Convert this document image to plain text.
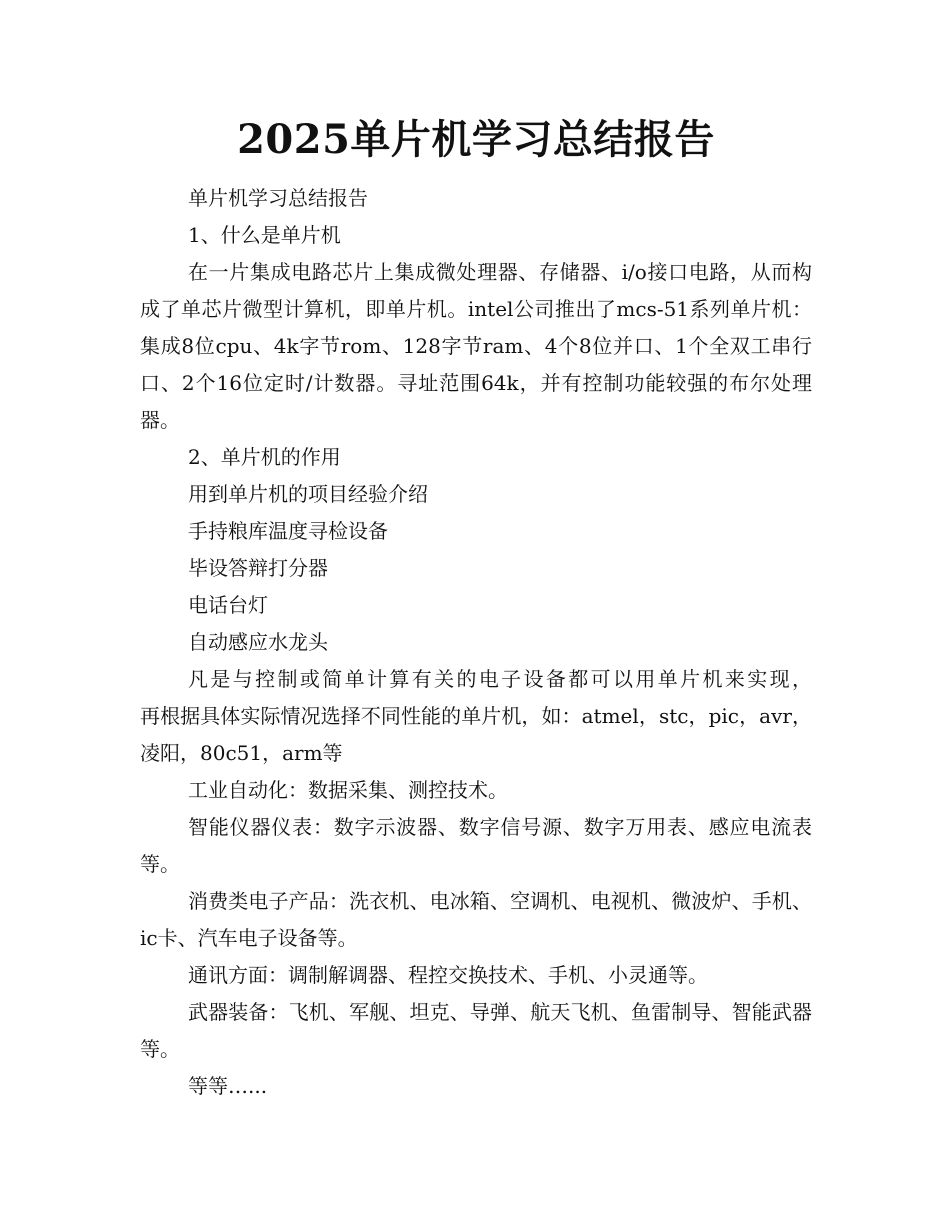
2025单片机学习总结报告

单片机学习总结报告

1、什么是单片机

在一片集成电路芯片上集成微处理器、存储器、i/o接口电路，从而构成了单芯片微型计算机，即单片机。intel公司推出了mcs-51系列单片机：集成8位cpu、4k字节rom、128字节ram、4个8位并口、1个全双工串行口、2个16位定时/计数器。寻址范围64k，并有控制功能较强的布尔处理器。

2、单片机的作用

用到单片机的项目经验介绍

手持粮库温度寻检设备

毕设答辩打分器

电话台灯

自动感应水龙头

凡是与控制或简单计算有关的电子设备都可以用单片机来实现，

再根据具体实际情况选择不同性能的单片机，如：atmel，stc，pic，avr，凌阳，80c51，arm等

工业自动化：数据采集、测控技术。

智能仪器仪表：数字示波器、数字信号源、数字万用表、感应电流表等。

消费类电子产品：洗衣机、电冰箱、空调机、电视机、微波炉、手机、ic卡、汽车电子设备等。

通讯方面：调制解调器、程控交换技术、手机、小灵通等。

武器装备：飞机、军舰、坦克、导弹、航天飞机、鱼雷制导、智能武器等。

等等…...
